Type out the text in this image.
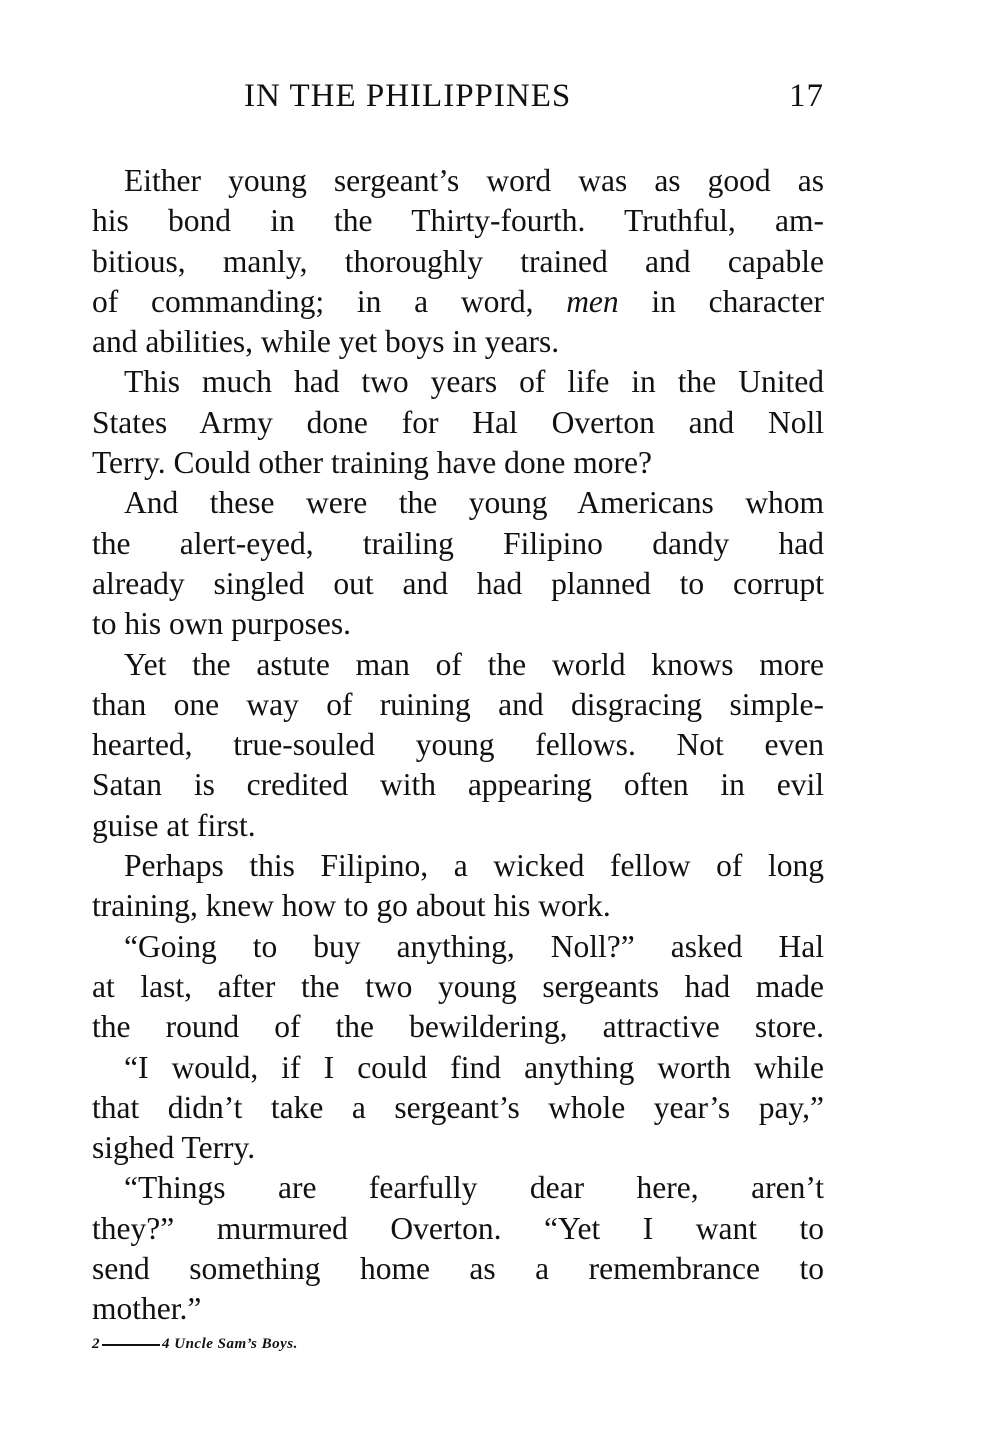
IN THE PHILIPPINES	17
Either young sergeant’s word was as good as
his bond in the Thirty-fourth. Truthful, am-
bitious, manly, thoroughly trained and capable
of commanding; in a word, men in character
and abilities, while yet boys in years.
This much had two years of life in the United
States Army done for Hal Overton and Noll
Terry. Could other training have done more?
And these were the young Americans whom
the alert-eyed, trailing Filipino dandy had
already singled out and had planned to corrupt
to his own purposes.
Yet the astute man of the world knows more
than one way of ruining and disgracing simple-
hearted, true-souled young fellows. Not even
Satan is credited with appearing often in evil
guise at first.
Perhaps this Filipino, a wicked fellow of long
training, knew how to go about his work.
“Going to buy anything, Noll?” asked Hal
at last, after the two young sergeants had made
the round of the bewildering, attractive store.
“I would, if I could find anything worth while
that didn’t take a sergeant’s whole year’s pay,”
sighed Terry.
“Things are fearfully dear here, aren’t
they?” murmured Overton. “Yet I want to
send something home as a remembrance to
mother.”
2	4 Uncle Sam’s Boys.
